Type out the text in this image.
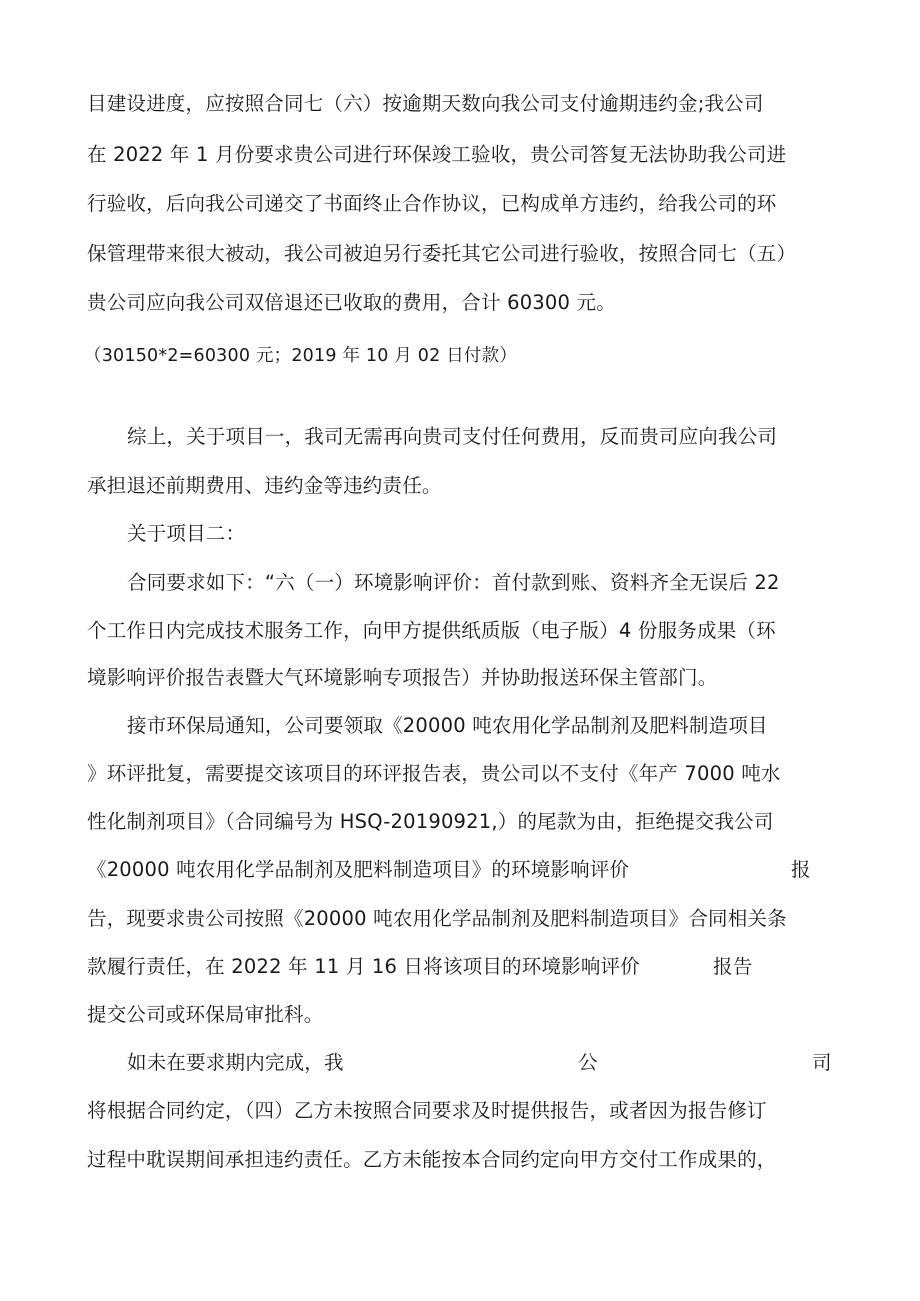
目建设进度，应按照合同七（六）按逾期天数向我公司支付逾期违约金;我公司
在 2022 年 1 月份要求贵公司进行环保竣工验收，贵公司答复无法协助我公司进
行验收，后向我公司递交了书面终止合作协议，已构成单方违约，给我公司的环
保管理带来很大被动，我公司被迫另行委托其它公司进行验收，按照合同七（五）
贵公司应向我公司双倍退还已收取的费用，合计 60300 元。
（30150*2=60300 元；2019 年 10 月 02 日付款）
综上，关于项目一，我司无需再向贵司支付任何费用，反而贵司应向我公司
承担退还前期费用、违约金等违约责任。
关于项目二：
合同要求如下：“六（一）环境影响评价：首付款到账、资料齐全无误后 22
个工作日内完成技术服务工作，向甲方提供纸质版（电子版）4 份服务成果（环
境影响评价报告表暨大气环境影响专项报告）并协助报送环保主管部门。
接市环保局通知，公司要领取《20000 吨农用化学品制剂及肥料制造项目
》环评批复，需要提交该项目的环评报告表，贵公司以不支付《年产 7000 吨水
性化制剂项目》（合同编号为 HSQ-20190921,）的尾款为由，拒绝提交我公司
《20000 吨农用化学品制剂及肥料制造项目》的环境影响评价	报
告，现要求贵公司按照《20000 吨农用化学品制剂及肥料制造项目》合同相关条
款履行责任，在 2022 年 11 月 16 日将该项目的环境影响评价	报告
提交公司或环保局审批科。
如未在要求期内完成，我	公	司
将根据合同约定，（四）乙方未按照合同要求及时提供报告，或者因为报告修订
过程中耽误期间承担违约责任。乙方未能按本合同约定向甲方交付工作成果的，
